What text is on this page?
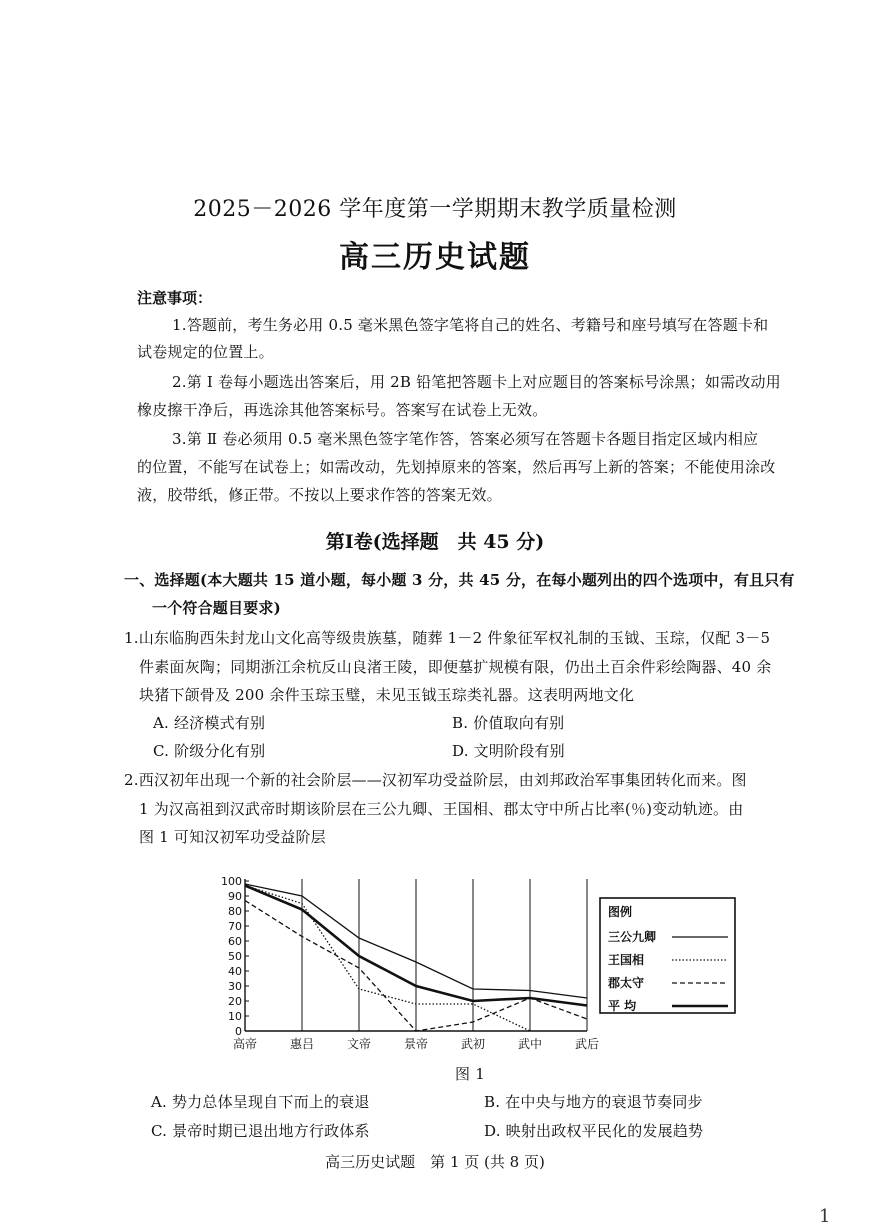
2025－2026 学年度第一学期期末教学质量检测
高三历史试题
注意事项：
1.答题前，考生务必用 0.5 毫米黑色签字笔将自己的姓名、考籍号和座号填写在答题卡和
试卷规定的位置上。
2.第 Ⅰ 卷每小题选出答案后，用 2B 铅笔把答题卡上对应题目的答案标号涂黑；如需改动用
橡皮擦干净后，再选涂其他答案标号。答案写在试卷上无效。
3.第 Ⅱ 卷必须用 0.5 毫米黑色签字笔作答，答案必须写在答题卡各题目指定区域内相应
的位置，不能写在试卷上；如需改动，先划掉原来的答案，然后再写上新的答案；不能使用涂改
液，胶带纸，修正带。不按以上要求作答的答案无效。
第Ⅰ卷(选择题　共 45 分)
一、选择题(本大题共 15 道小题，每小题 3 分，共 45 分，在每小题列出的四个选项中，有且只有
一个符合题目要求)
1.山东临朐西朱封龙山文化高等级贵族墓，随葬 1－2 件象征军权礼制的玉钺、玉琮，仅配 3－5
件素面灰陶；同期浙江余杭反山良渚王陵，即便墓扩规模有限，仍出土百余件彩绘陶器、40 余
块猪下颌骨及 200 余件玉琮玉璧，未见玉钺玉琮类礼器。这表明两地文化
A. 经济模式有别	B. 价值取向有别
C. 阶级分化有别	D. 文明阶段有别
2.西汉初年出现一个新的社会阶层——汉初军功受益阶层，由刘邦政治军事集团转化而来。图
1 为汉高祖到汉武帝时期该阶层在三公九卿、王国相、郡太守中所占比率(％)变动轨迹。由
图 1 可知汉初军功受益阶层
0
10
20
30
40
50
60
70
80
90
100
高帝	惠吕	文帝	景帝	武初	武中	武后
图例
三公九卿
王国相
郡太守
平 均
图 1
A. 势力总体呈现自下而上的衰退	B. 在中央与地方的衰退节奏同步
C. 景帝时期已退出地方行政体系	D. 映射出政权平民化的发展趋势
高三历史试题　第 1 页 (共 8 页)
1
